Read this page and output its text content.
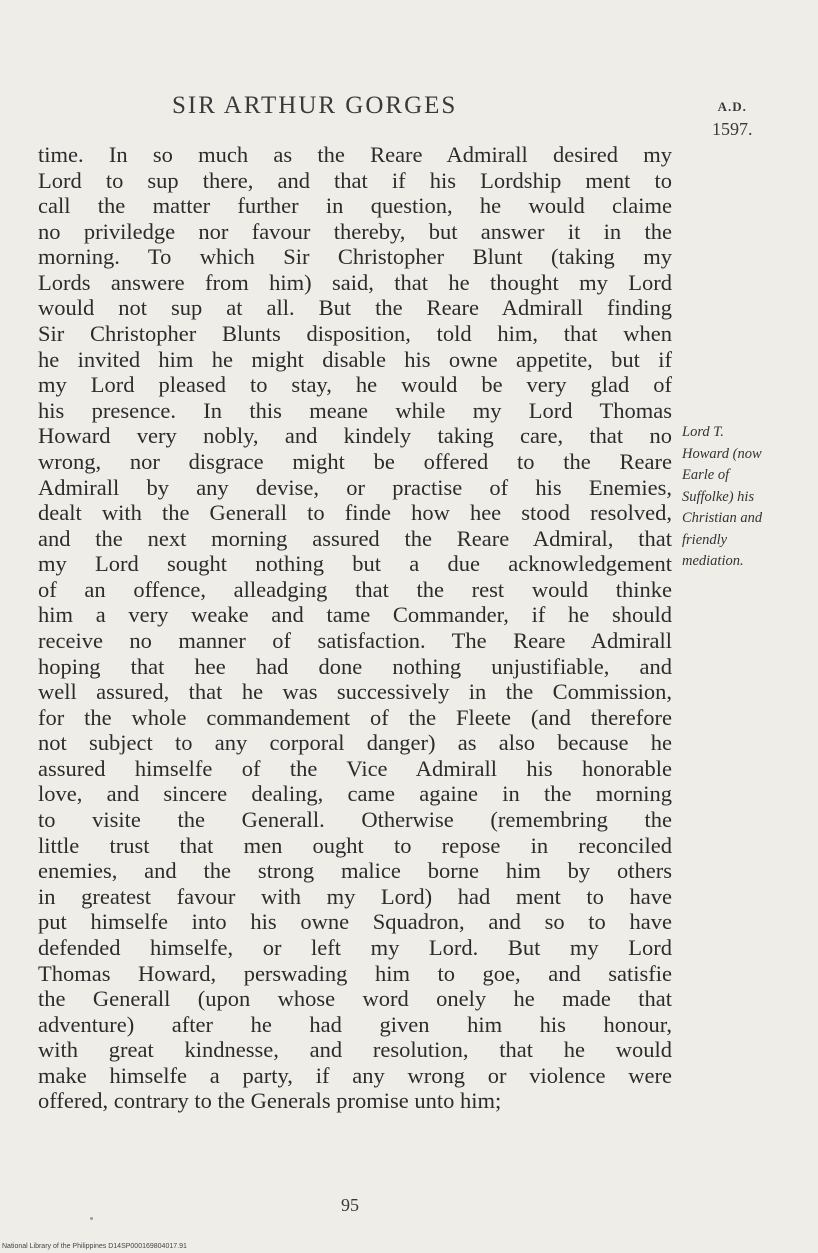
SIR ARTHUR GORGES	A.D.
1597.
time. In so much as the Reare Admirall desired my
Lord to sup there, and that if his Lordship ment to
call the matter further in question, he would claime
no priviledge nor favour thereby, but answer it in the
morning. To which Sir Christopher Blunt (taking my
Lords answere from him) said, that he thought my Lord
would not sup at all. But the Reare Admirall finding
Sir Christopher Blunts disposition, told him, that when
he invited him he might disable his owne appetite, but if
my Lord pleased to stay, he would be very glad of
his presence. In this meane while my Lord Thomas
Howard very nobly, and kindely taking care, that no
wrong, nor disgrace might be offered to the Reare
Admirall by any devise, or practise of his Enemies,
dealt with the Generall to finde how hee stood resolved,
and the next morning assured the Reare Admiral, that
my Lord sought nothing but a due acknowledgement
of an offence, alleadging that the rest would thinke
him a very weake and tame Commander, if he should
receive no manner of satisfaction. The Reare Admirall
hoping that hee had done nothing unjustifiable, and
well assured, that he was successively in the Commission,
for the whole commandement of the Fleete (and therefore
not subject to any corporal danger) as also because he
assured himselfe of the Vice Admirall his honorable
love, and sincere dealing, came againe in the morning
to visite the Generall. Otherwise (remembring the
little trust that men ought to repose in reconciled
enemies, and the strong malice borne him by others
in greatest favour with my Lord) had ment to have
put himselfe into his owne Squadron, and so to have
defended himselfe, or left my Lord. But my Lord
Thomas Howard, perswading him to goe, and satisfie
the Generall (upon whose word onely he made that
adventure) after he had given him his honour,
with great kindnesse, and resolution, that he would
make himselfe a party, if any wrong or violence were
offered, contrary to the Generals promise unto him;
Lord T.
Howard (now
Earle of
Suffolke) his
Christian and
friendly
mediation.
95
National Library of the Philippines D14SP000169804017.91
